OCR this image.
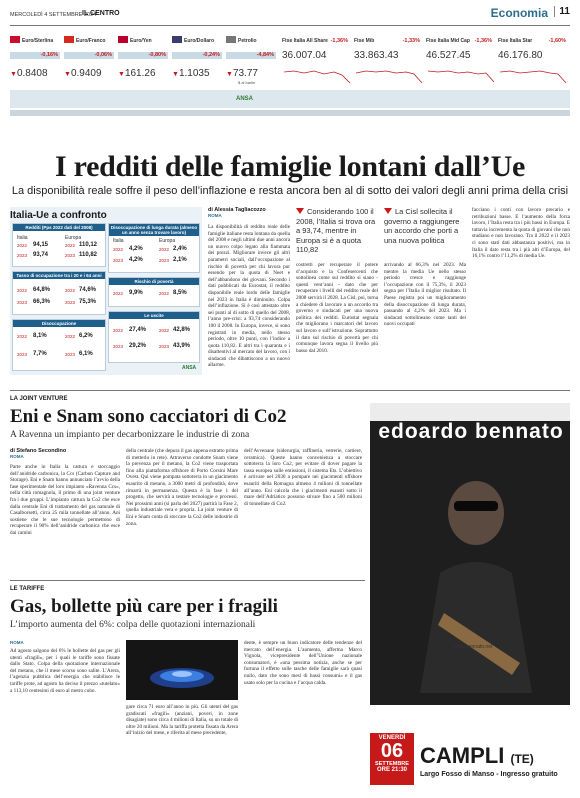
MERCOLEDÌ 4 SETTEMBRE 2024
IL CENTRO	Economia	11
ANSA
Euro/Sterlina
-0,16%
▼0.8408
Euro/Franco
-0,06%
▼0.9409
Euro/Yen
-0,80%
▼161.26
Euro/Dollaro
-0,24%
▼1.1035
Petrolio
-4,84%
▼73.77
$ al barile
Ftse Italia All Share -1,36%
36.007.04
Ftse Mib	-1,33%
33.863.43
Ftse Italia Mid Cap -1,36%
46.527.45
Ftse Italia Star	-1,60%
46.176.80
I redditi delle famiglie lontani dall’Ue
La disponibilità reale soffre il peso dell’inflazione e resta ancora ben al di sotto dei valori degli anni prima della crisi
Italia-Ue a confronto
Redditi (Pps 2022 dati del 2008)
Italia	Europa
2022 94,15	2022 110,12
2023 93,74	2023 110,82
Tasso di occupazione tra i 20 e i 64 anni
2022 64,8%	2022 74,6%
2023 66,3%	2023 75,3%
Disoccupazione
2022 8,1%	2022 6,2%
2023 7,7%	2023 6,1%
Disoccupazione di lunga durata (almeno un anno senza trovare lavoro)
Italia	Europa
2022 4,2%	2022 2,4%
2023 4,2%	2023 2,1%
Rischio di povertà
2022 9,9%	2022 8,5%
Le uscite
2022 27,4%	2022 42,8%
2023 29,2%	2023 43,9%
ANSA
di Alessia Tagliacozzo
ROMA
La disponibilità di reddito reale delle famiglie italiane resta lontana da quella del 2008 e negli ultimi due anni ancora un nuovo colpo legato alla fiammata dei prezzi. Migliorare invece gli altri parametri sociali, dall’occupazione al rischio di povertà per chi lavora pur essendo per la quota di Neet e dell’abbandono dei giovani. Secondo i dati pubblicati da Eurostat, il reddito disponibile reale lordo delle famiglie nel 2023 in Italia è diminuito. Colpa dell’inflazione. Si è così attestato oltre sei punti al di sotto di quello del 2008, l’anno pre-crisi: a 93,74 considerando 100 il 2008. In Europa, invece, si sono registrati in media, nello stesso periodo, oltre 10 punti, con l’indice a quota 110,82. E altri tra i quaranta e i disattentivi al mercato del lavoro, con i sindacati che dibattiscono a un nuovo allarme.
Considerando 100 il 2008, l’Italia si trova ora a 93,74, mentre in Europa si è a quota 110,82
costretti per recuperare il potere d’acquisto e la Confesercenti che sottolinea come sul reddito si siano - questi vent’anni - dato che per recuperare i livelli del reddito reale del 2008 servirà il 2028. La Cisl, poi, torna a chiedere di lavorare a un accordo tra governo e sindacati per una nuova politica dei redditi. Eurostat segnala che migliorano i marcatori del lavoro sul lavoro e sull’istruzione. Soprattutto il dato sul rischio di povertà per chi comunque lavora segna il livello più basso dal 2010.
La Cisl sollecita il governo a raggiungere un accordo che porti a una nuova politica
arrivando al 66,3% nel 2023. Ma mentre la media Ue nello stesso periodo cresce e raggiunge l’occupazione con il 75,3%, il 2023 segna per l’Italia il miglior risultato. Il Paese registra poi un miglioramento della disoccupazione di lunga durata, passando al 4,2% del 2023. Ma i sindacati sottolineano come tanti dei nuovi occupati
facciano i conti con lavoro precario e retribuzioni basse. E l’aumento della forza lavoro, l’Italia resta tra i più bassi in Europa. E tuttavia incrementa la quota di giovani che non studiano e non lavorano. Tra il 2022 e il 2023 ci sono stati dati abbastanza positivi, ma in Italia il dato resta tra i più alti d’Europa, del 16,1% contro l’11,2% di media Ue.
LA JOINT VENTURE
Eni e Snam sono cacciatori di Co2
A Ravenna un impianto per decarbonizzare le industrie di zona
di Stefano Secondino
ROMA
Parte anche in Italia la cattura e stoccaggio dell’anidride carbonica, la Ccs (Carbon Capture and Storage). Eni e Snam hanno annunciato l’avvio della fase sperimentale del loro impianto «Ravenna Ccs», nella città romagnola, il primo di una joint venture fra i due gruppi. L’impianto cattura la Co2 che esce dalla centrale Eni di trattamento del gas naturale di Casalborsetti, circa 25 mila tonnellate all’anno. Ani sostiene che le sue tecnologie permettono di recuperare il 90% dell’anidride carbonica che esce dai camini
della centrale (che depura il gas appena estratto prima di metterlo in rete). Attraverso condotte Snam viene la prevenza per il metano, la Co2 viene trasportata fino alla piattaforma offshore di Porto Corsini Mare Ovest. Qui viene pompata sottoterra in un giacimento esaurito di metano, a 3000 metri di profondità, dove rimarrà in permanenza. Questa è la fase 1 del progetto, che servirà a testare tecnologie e processi. Nei prossimi anni (si parla del 2027) partirà la Fase 2, quella industriale vera e propria. La joint venture di Eni e Snam conta di stoccare la Co2 delle industrie di zona.
dell’Avvenane (siderurgia, raffineria, vetrerie, cartiere, ceramica). Queste hanno convenienza a stoccare sottoterra la loro Co2, per evitare di dover pagare la tassa europea sulle emissioni, il sistema Ets. L’obiettivo è arrivare nel 2030 a pompare nei giacimenti offshore esauriti della Romagna almeno 4 milioni di tonnellate all’anno. Eni calcola che i giacimenti esausti sotto il mare dell’Adriatico possono stivare fino a 500 milioni di tonnellate di Co2.
LE TARIFFE
Gas, bollette più care per i fragili
L’importo aumenta del 6%: colpa delle quotazioni internazionali
ROMA
Ad agosto salgono del 6% le bollette del gas per gli utenti «fragili», per i quali le tariffe sono fissate dallo Stato. Colpa della quotazione internazionale del metano, che il mese scorso sono salite. L’Arera, l’agenzia pubblica dell’energia che stabilisce le tariffe prote, ad agosto ha deciso il prezzo «tutelato» a 113,10 centesimi di euro al metro cubo.
gare circa 71 euro all’anno in più. Gli utenti del gas gradiscati «fragili» (anziani, poveri, in zone disagiate) sono circa 4 milioni di Italia, su un totale di oltre 20 milioni. Ma la tariffa protetta fissata da Arera all’inizio del mese, e riferita al mese precedente,
dente, è sempre un buon indicatore delle tendenze del mercato dell’energia. L’aumento, afferma Marco Vignola, vicepresidente dell’Unione nazionale consumatori, è «una pessima notizia, anche se per fortuna il effetto sulle tasche delle famiglie sarà quasi nullo, dato che sono mesi di bassi consumi» e il gas usato solo per la cucina e l’acqua calda.
edoardo bennato
www.bennato.net
VENERDÌ
06
SETTEMBRE
ORE 21:30
CAMPLI (TE)
Largo Fosso di Manso - Ingresso gratuito
